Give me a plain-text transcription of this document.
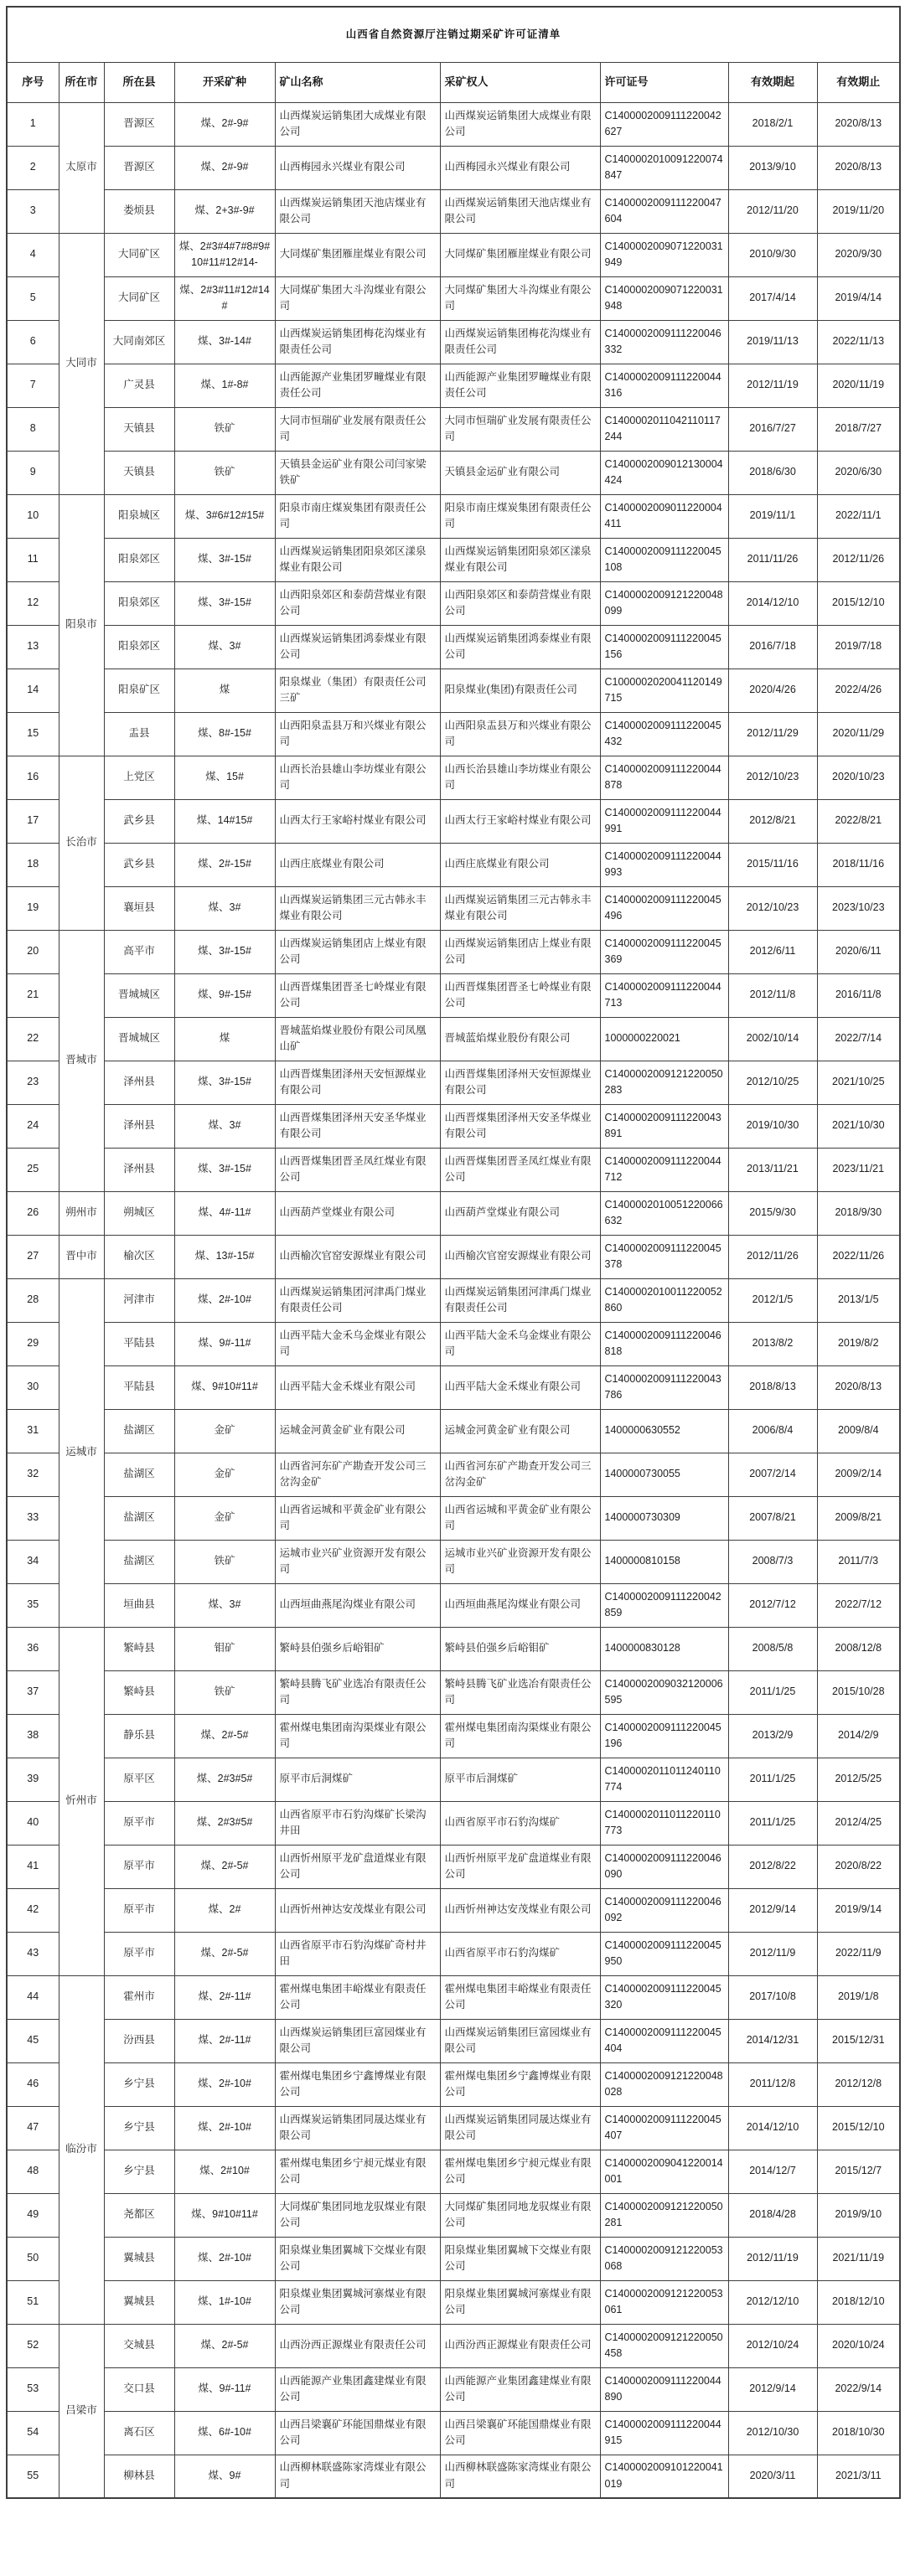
山西省自然资源厅注销过期采矿许可证清单								
序号	所在市	所在县	开采矿种	矿山名称	采矿权人	许可证号	有效期起	有效期止
1	太原市	晋源区	煤、2#-9#	山西煤炭运销集团大成煤业有限公司	山西煤炭运销集团大成煤业有限公司	C1400002009111220042627	2018/2/1	2020/8/13
2		晋源区	煤、2#-9#	山西梅园永兴煤业有限公司	山西梅园永兴煤业有限公司	C1400002010091220074847	2013/9/10	2020/8/13
3		娄烦县	煤、2+3#-9#	山西煤炭运销集团天池店煤业有限公司	山西煤炭运销集团天池店煤业有限公司	C1400002009111220047604	2012/11/20	2019/11/20
4	大同市	大同矿区	煤、2#3#4#7#8#9#10#11#12#14-	大同煤矿集团雁崖煤业有限公司	大同煤矿集团雁崖煤业有限公司	C1400002009071220031949	2010/9/30	2020/9/30
5		大同矿区	煤、2#3#11#12#14#	大同煤矿集团大斗沟煤业有限公司	大同煤矿集团大斗沟煤业有限公司	C1400002009071220031948	2017/4/14	2019/4/14
6		大同南郊区	煤、3#-14#	山西煤炭运销集团梅花沟煤业有限责任公司	山西煤炭运销集团梅花沟煤业有限责任公司	C1400002009111220046332	2019/11/13	2022/11/13
7		广灵县	煤、1#-8#	山西能源产业集团罗疃煤业有限责任公司	山西能源产业集团罗疃煤业有限责任公司	C1400002009111220044316	2012/11/19	2020/11/19
8		天镇县	铁矿	大同市恒瑞矿业发展有限责任公司	大同市恒瑞矿业发展有限责任公司	C1400002011042110117244	2016/7/27	2018/7/27
9		天镇县	铁矿	天镇县金运矿业有限公司闫家梁铁矿	天镇县金运矿业有限公司	C1400002009012130004424	2018/6/30	2020/6/30
10	阳泉市	阳泉城区	煤、3#6#12#15#	阳泉市南庄煤炭集团有限责任公司	阳泉市南庄煤炭集团有限责任公司	C1400002009011220004411	2019/11/1	2022/11/1
11		阳泉郊区	煤、3#-15#	山西煤炭运销集团阳泉郊区漾泉煤业有限公司	山西煤炭运销集团阳泉郊区漾泉煤业有限公司	C1400002009111220045108	2011/11/26	2012/11/26
12		阳泉郊区	煤、3#-15#	山西阳泉郊区和泰荫营煤业有限公司	山西阳泉郊区和泰荫营煤业有限公司	C1400002009121220048099	2014/12/10	2015/12/10
13		阳泉郊区	煤、3#	山西煤炭运销集团鸿泰煤业有限公司	山西煤炭运销集团鸿泰煤业有限公司	C1400002009111220045156	2016/7/18	2019/7/18
14		阳泉矿区	煤	阳泉煤业（集团）有限责任公司三矿	阳泉煤业(集团)有限责任公司	C1000002020041120149715	2020/4/26	2022/4/26
15		盂县	煤、8#-15#	山西阳泉盂县万和兴煤业有限公司	山西阳泉盂县万和兴煤业有限公司	C1400002009111220045432	2012/11/29	2020/11/29
16	长治市	上党区	煤、15#	山西长治县雄山李坊煤业有限公司	山西长治县雄山李坊煤业有限公司	C1400002009111220044878	2012/10/23	2020/10/23
17		武乡县	煤、14#15#	山西太行王家峪村煤业有限公司	山西太行王家峪村煤业有限公司	C1400002009111220044991	2012/8/21	2022/8/21
18		武乡县	煤、2#-15#	山西庄底煤业有限公司	山西庄底煤业有限公司	C1400002009111220044993	2015/11/16	2018/11/16
19		襄垣县	煤、3#	山西煤炭运销集团三元古韩永丰煤业有限公司	山西煤炭运销集团三元古韩永丰煤业有限公司	C1400002009111220045496	2012/10/23	2023/10/23
20	晋城市	高平市	煤、3#-15#	山西煤炭运销集团店上煤业有限公司	山西煤炭运销集团店上煤业有限公司	C1400002009111220045369	2012/6/11	2020/6/11
21		晋城城区	煤、9#-15#	山西晋煤集团晋圣七岭煤业有限公司	山西晋煤集团晋圣七岭煤业有限公司	C1400002009111220044713	2012/11/8	2016/11/8
22		晋城城区	煤	晋城蓝焰煤业股份有限公司凤凰山矿	晋城蓝焰煤业股份有限公司	1000000220021	2002/10/14	2022/7/14
23		泽州县	煤、3#-15#	山西晋煤集团泽州天安恒源煤业有限公司	山西晋煤集团泽州天安恒源煤业有限公司	C1400002009121220050283	2012/10/25	2021/10/25
24		泽州县	煤、3#	山西晋煤集团泽州天安圣华煤业有限公司	山西晋煤集团泽州天安圣华煤业有限公司	C1400002009111220043891	2019/10/30	2021/10/30
25		泽州县	煤、3#-15#	山西晋煤集团晋圣凤红煤业有限公司	山西晋煤集团晋圣凤红煤业有限公司	C1400002009111220044712	2013/11/21	2023/11/21
26	朔州市	朔城区	煤、4#-11#	山西葫芦堂煤业有限公司	山西葫芦堂煤业有限公司	C1400002010051220066632	2015/9/30	2018/9/30
27	晋中市	榆次区	煤、13#-15#	山西榆次官窑安源煤业有限公司	山西榆次官窑安源煤业有限公司	C1400002009111220045378	2012/11/26	2022/11/26
28	运城市	河津市	煤、2#-10#	山西煤炭运销集团河津禹门煤业有限责任公司	山西煤炭运销集团河津禹门煤业有限责任公司	C1400002010011220052860	2012/1/5	2013/1/5
29		平陆县	煤、9#-11#	山西平陆大金禾乌金煤业有限公司	山西平陆大金禾乌金煤业有限公司	C1400002009111220046818	2013/8/2	2019/8/2
30		平陆县	煤、9#10#11#	山西平陆大金禾煤业有限公司	山西平陆大金禾煤业有限公司	C1400002009111220043786	2018/8/13	2020/8/13
31		盐湖区	金矿	运城金河黄金矿业有限公司	运城金河黄金矿业有限公司	1400000630552	2006/8/4	2009/8/4
32		盐湖区	金矿	山西省河东矿产勘查开发公司三岔沟金矿	山西省河东矿产勘查开发公司三岔沟金矿	1400000730055	2007/2/14	2009/2/14
33		盐湖区	金矿	山西省运城和平黄金矿业有限公司	山西省运城和平黄金矿业有限公司	1400000730309	2007/8/21	2009/8/21
34		盐湖区	铁矿	运城市业兴矿业资源开发有限公司	运城市业兴矿业资源开发有限公司	1400000810158	2008/7/3	2011/7/3
35		垣曲县	煤、3#	山西垣曲燕尾沟煤业有限公司	山西垣曲燕尾沟煤业有限公司	C1400002009111220042859	2012/7/12	2022/7/12
36	忻州市	繁峙县	钼矿	繁峙县伯强乡后峪钼矿	繁峙县伯强乡后峪钼矿	1400000830128	2008/5/8	2008/12/8
37		繁峙县	铁矿	繁峙县腾飞矿业选冶有限责任公司	繁峙县腾飞矿业选冶有限责任公司	C1400002009032120006595	2011/1/25	2015/10/28
38		静乐县	煤、2#-5#	霍州煤电集团南沟渠煤业有限公司	霍州煤电集团南沟渠煤业有限公司	C1400002009111220045196	2013/2/9	2014/2/9
39		原平区	煤、2#3#5#	原平市后洞煤矿	原平市后洞煤矿	C1400002011011240110774	2011/1/25	2012/5/25
40		原平市	煤、2#3#5#	山西省原平市石豹沟煤矿长梁沟井田	山西省原平市石豹沟煤矿	C1400002011011220110773	2011/1/25	2012/4/25
41		原平市	煤、2#-5#	山西忻州原平龙矿盘道煤业有限公司	山西忻州原平龙矿盘道煤业有限公司	C1400002009111220046090	2012/8/22	2020/8/22
42		原平市	煤、2#	山西忻州神达安茂煤业有限公司	山西忻州神达安茂煤业有限公司	C1400002009111220046092	2012/9/14	2019/9/14
43		原平市	煤、2#-5#	山西省原平市石豹沟煤矿奇村井田	山西省原平市石豹沟煤矿	C1400002009111220045950	2012/11/9	2022/11/9
44	临汾市	霍州市	煤、2#-11#	霍州煤电集团丰峪煤业有限责任公司	霍州煤电集团丰峪煤业有限责任公司	C1400002009111220045320	2017/10/8	2019/1/8
45		汾西县	煤、2#-11#	山西煤炭运销集团巨富园煤业有限公司	山西煤炭运销集团巨富园煤业有限公司	C1400002009111220045404	2014/12/31	2015/12/31
46		乡宁县	煤、2#-10#	霍州煤电集团乡宁鑫博煤业有限公司	霍州煤电集团乡宁鑫博煤业有限公司	C1400002009121220048028	2011/12/8	2012/12/8
47		乡宁县	煤、2#-10#	山西煤炭运销集团同晟达煤业有限公司	山西煤炭运销集团同晟达煤业有限公司	C1400002009111220045407	2014/12/10	2015/12/10
48		乡宁县	煤、2#10#	霍州煤电集团乡宁昶元煤业有限公司	霍州煤电集团乡宁昶元煤业有限公司	C1400002009041220014001	2014/12/7	2015/12/7
49		尧都区	煤、9#10#11#	大同煤矿集团同地龙驭煤业有限公司	大同煤矿集团同地龙驭煤业有限公司	C1400002009121220050281	2018/4/28	2019/9/10
50		翼城县	煤、2#-10#	阳泉煤业集团翼城下交煤业有限公司	阳泉煤业集团翼城下交煤业有限公司	C1400002009121220053068	2012/11/19	2021/11/19
51		翼城县	煤、1#-10#	阳泉煤业集团翼城河寨煤业有限公司	阳泉煤业集团翼城河寨煤业有限公司	C1400002009121220053061	2012/12/10	2018/12/10
52	吕梁市	交城县	煤、2#-5#	山西汾西正源煤业有限责任公司	山西汾西正源煤业有限责任公司	C1400002009121220050458	2012/10/24	2020/10/24
53		交口县	煤、9#-11#	山西能源产业集团鑫建煤业有限公司	山西能源产业集团鑫建煤业有限公司	C1400002009111220044890	2012/9/14	2022/9/14
54		离石区	煤、6#-10#	山西吕梁襄矿环能国鼎煤业有限公司	山西吕梁襄矿环能国鼎煤业有限公司	C1400002009111220044915	2012/10/30	2018/10/30
55		柳林县	煤、9#	山西柳林联盛陈家湾煤业有限公司	山西柳林联盛陈家湾煤业有限公司	C1400002009101220041019	2020/3/11	2021/3/11
